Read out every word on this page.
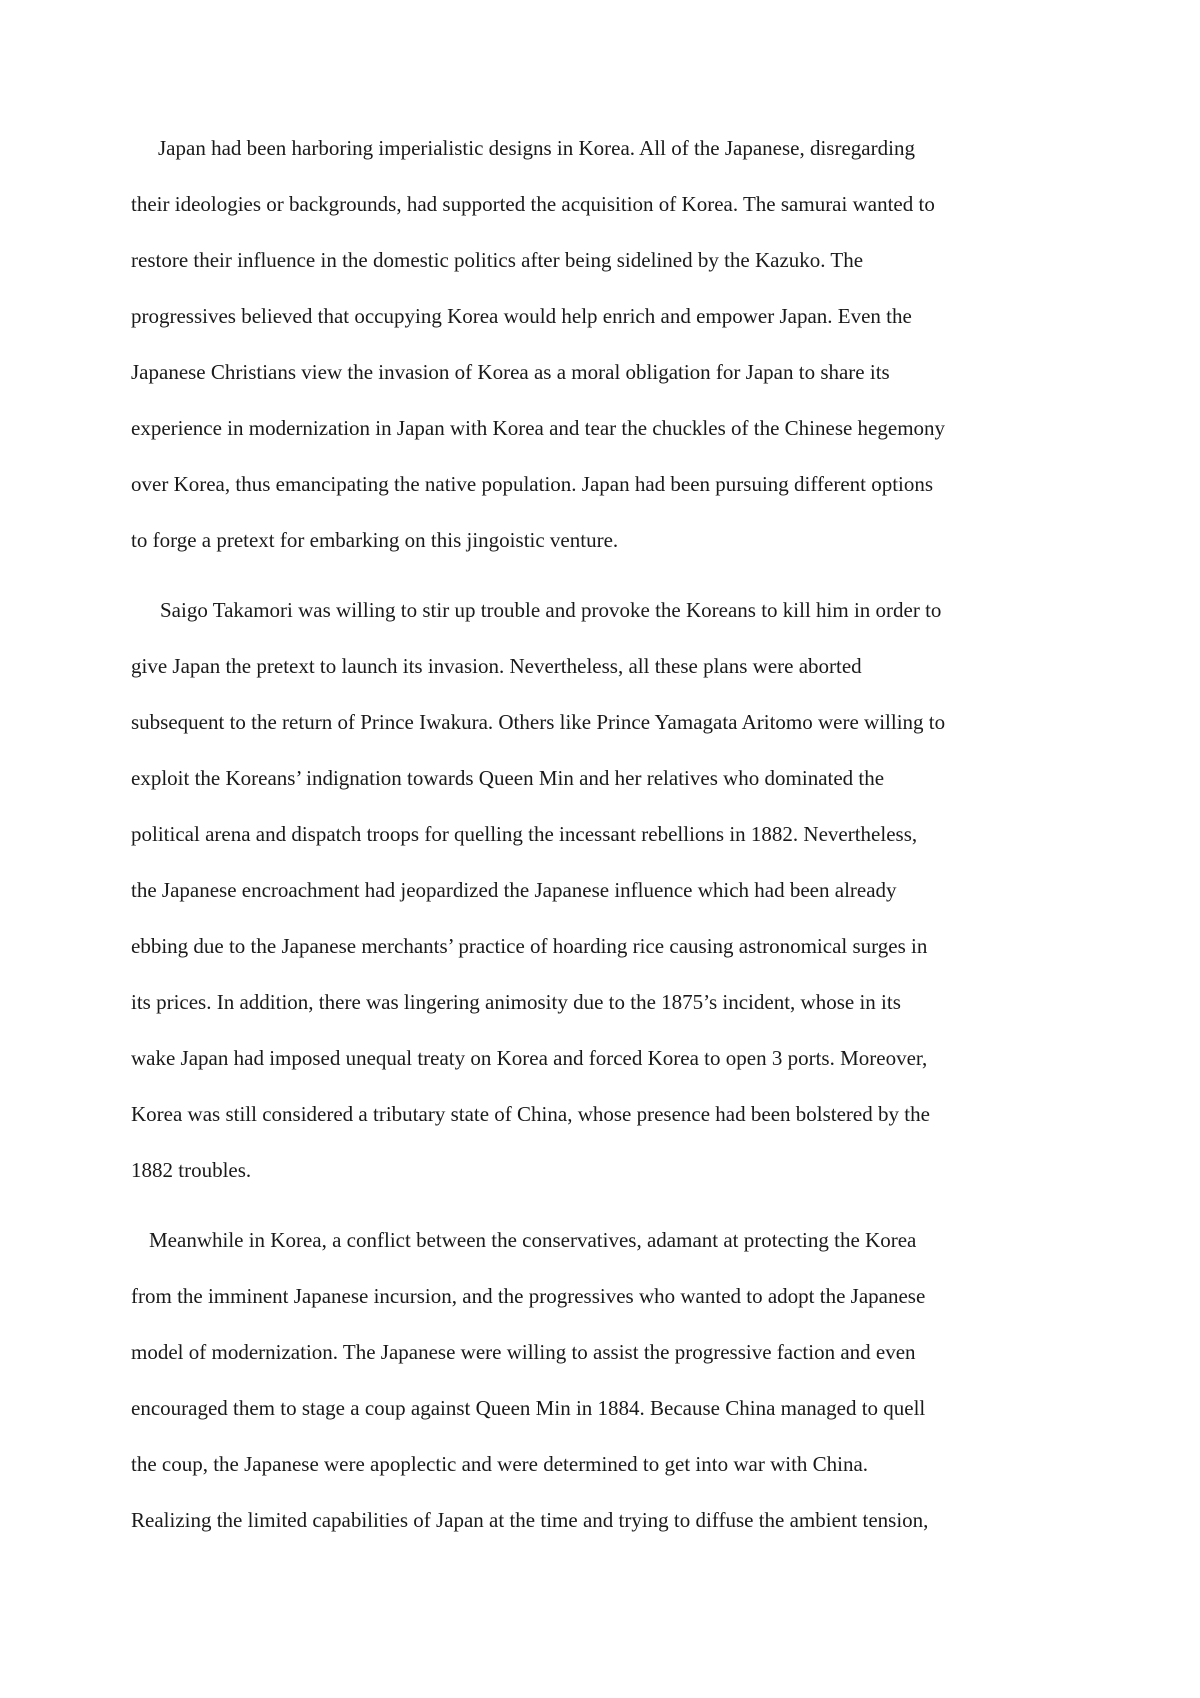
Japan had been harboring imperialistic designs in Korea. All of the Japanese, disregarding
their ideologies or backgrounds, had supported the acquisition of Korea. The samurai wanted to
restore their influence in the domestic politics after being sidelined by the Kazuko. The
progressives believed that occupying Korea would help enrich and empower Japan. Even the
Japanese Christians view the invasion of Korea as a moral obligation for Japan to share its
experience in modernization in Japan with Korea and tear the chuckles of the Chinese hegemony
over Korea, thus emancipating the native population. Japan had been pursuing different options
to forge a pretext for embarking on this jingoistic venture.
Saigo Takamori was willing to stir up trouble and provoke the Koreans to kill him in order to
give Japan the pretext to launch its invasion. Nevertheless, all these plans were aborted
subsequent to the return of Prince Iwakura. Others like Prince Yamagata Aritomo were willing to
exploit the Koreans’ indignation towards Queen Min and her relatives who dominated the
political arena and dispatch troops for quelling the incessant rebellions in 1882. Nevertheless,
the Japanese encroachment had jeopardized the Japanese influence which had been already
ebbing due to the Japanese merchants’ practice of hoarding rice causing astronomical surges in
its prices. In addition, there was lingering animosity due to the 1875’s incident, whose in its
wake Japan had imposed unequal treaty on Korea and forced Korea to open 3 ports. Moreover,
Korea was still considered a tributary state of China, whose presence had been bolstered by the
1882 troubles.
Meanwhile in Korea, a conflict between the conservatives, adamant at protecting the Korea
from the imminent Japanese incursion, and the progressives who wanted to adopt the Japanese
model of modernization. The Japanese were willing to assist the progressive faction and even
encouraged them to stage a coup against Queen Min in 1884. Because China managed to quell
the coup, the Japanese were apoplectic and were determined to get into war with China.
Realizing the limited capabilities of Japan at the time and trying to diffuse the ambient tension,
